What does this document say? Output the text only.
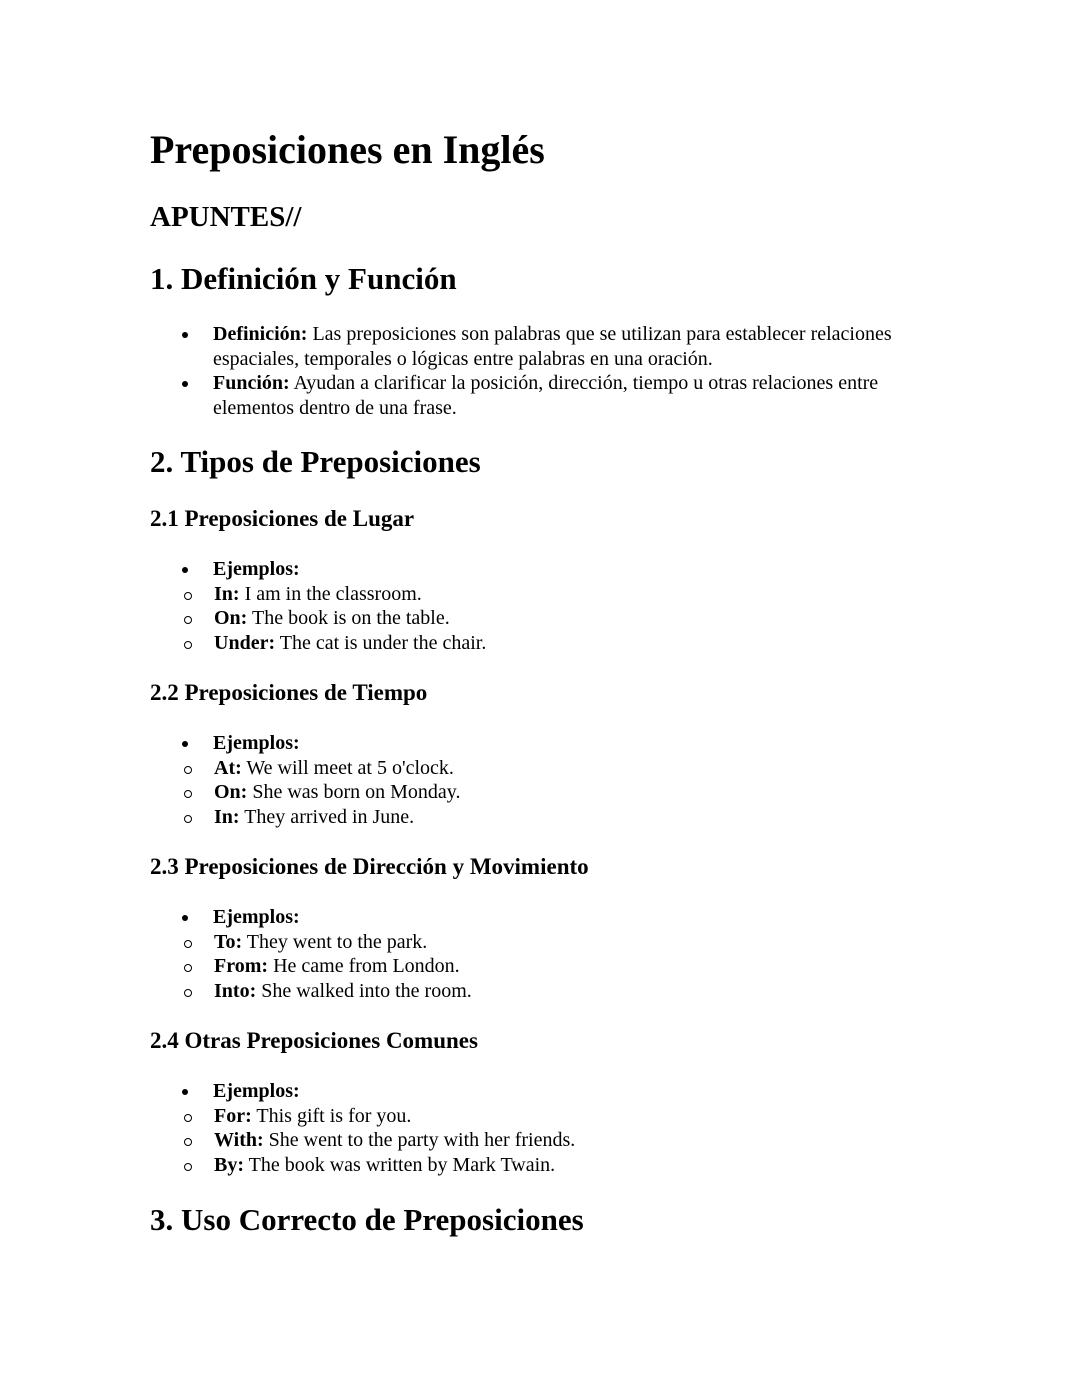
Preposiciones en Inglés
APUNTES//
1. Definición y Función
Definición: Las preposiciones son palabras que se utilizan para establecer relaciones espaciales, temporales o lógicas entre palabras en una oración.
Función: Ayudan a clarificar la posición, dirección, tiempo u otras relaciones entre elementos dentro de una frase.
2. Tipos de Preposiciones
2.1 Preposiciones de Lugar
Ejemplos:
In: I am in the classroom.
On: The book is on the table.
Under: The cat is under the chair.
2.2 Preposiciones de Tiempo
Ejemplos:
At: We will meet at 5 o'clock.
On: She was born on Monday.
In: They arrived in June.
2.3 Preposiciones de Dirección y Movimiento
Ejemplos:
To: They went to the park.
From: He came from London.
Into: She walked into the room.
2.4 Otras Preposiciones Comunes
Ejemplos:
For: This gift is for you.
With: She went to the party with her friends.
By: The book was written by Mark Twain.
3. Uso Correcto de Preposiciones
